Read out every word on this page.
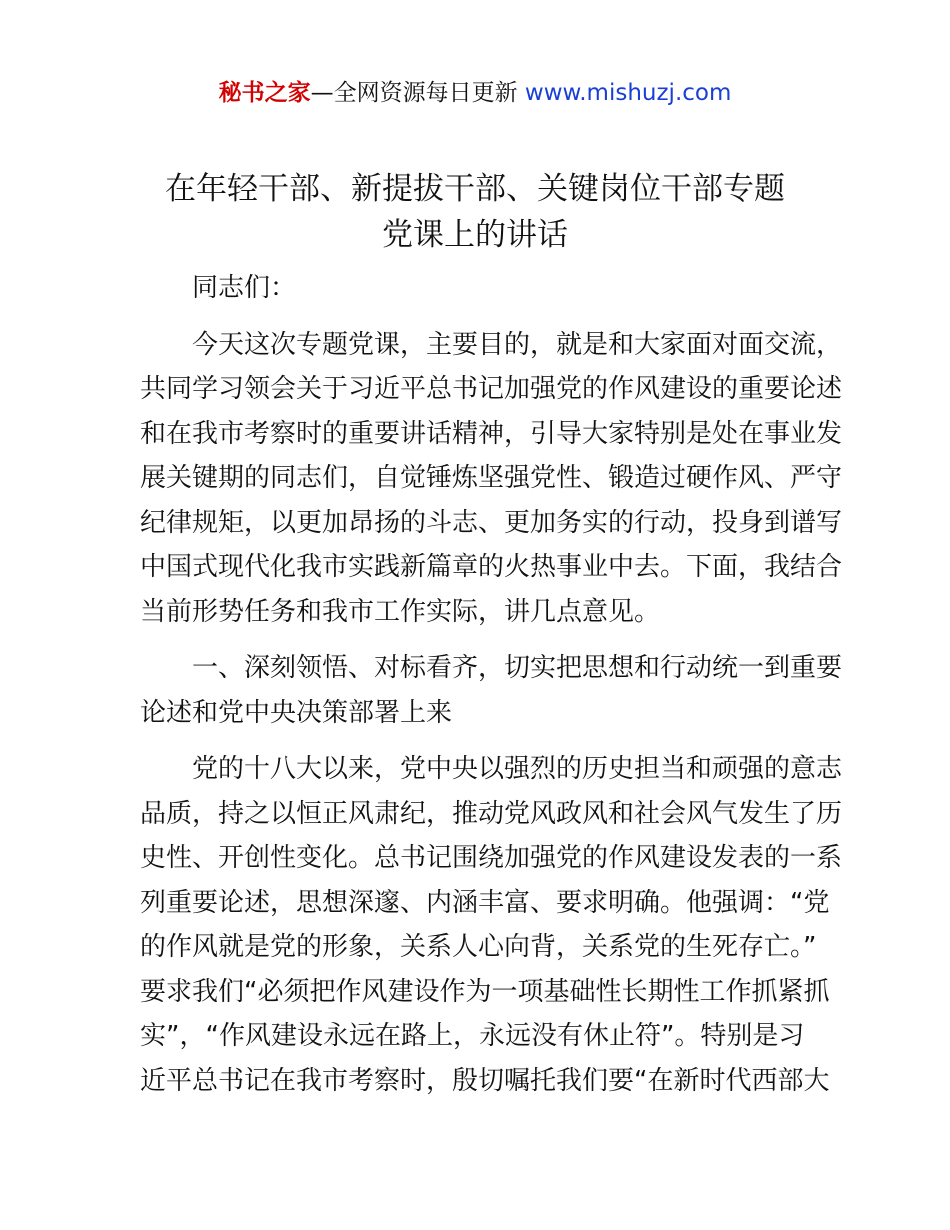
秘书之家—全网资源每日更新 www.mishuzj.com
在年轻干部、新提拔干部、关键岗位干部专题
党课上的讲话
同志们：
今天这次专题党课，主要目的，就是和大家面对面交流，
共同学习领会关于习近平总书记加强党的作风建设的重要论述
和在我市考察时的重要讲话精神，引导大家特别是处在事业发
展关键期的同志们，自觉锤炼坚强党性、锻造过硬作风、严守
纪律规矩，以更加昂扬的斗志、更加务实的行动，投身到谱写
中国式现代化我市实践新篇章的火热事业中去。下面，我结合
当前形势任务和我市工作实际，讲几点意见。
一、深刻领悟、对标看齐，切实把思想和行动统一到重要
论述和党中央决策部署上来
党的十八大以来，党中央以强烈的历史担当和顽强的意志
品质，持之以恒正风肃纪，推动党风政风和社会风气发生了历
史性、开创性变化。总书记围绕加强党的作风建设发表的一系
列重要论述，思想深邃、内涵丰富、要求明确。他强调：“党
的作风就是党的形象，关系人心向背，关系党的生死存亡。”
要求我们“必须把作风建设作为一项基础性长期性工作抓紧抓
实”，“作风建设永远在路上，永远没有休止符”。特别是习
近平总书记在我市考察时，殷切嘱托我们要“在新时代西部大
